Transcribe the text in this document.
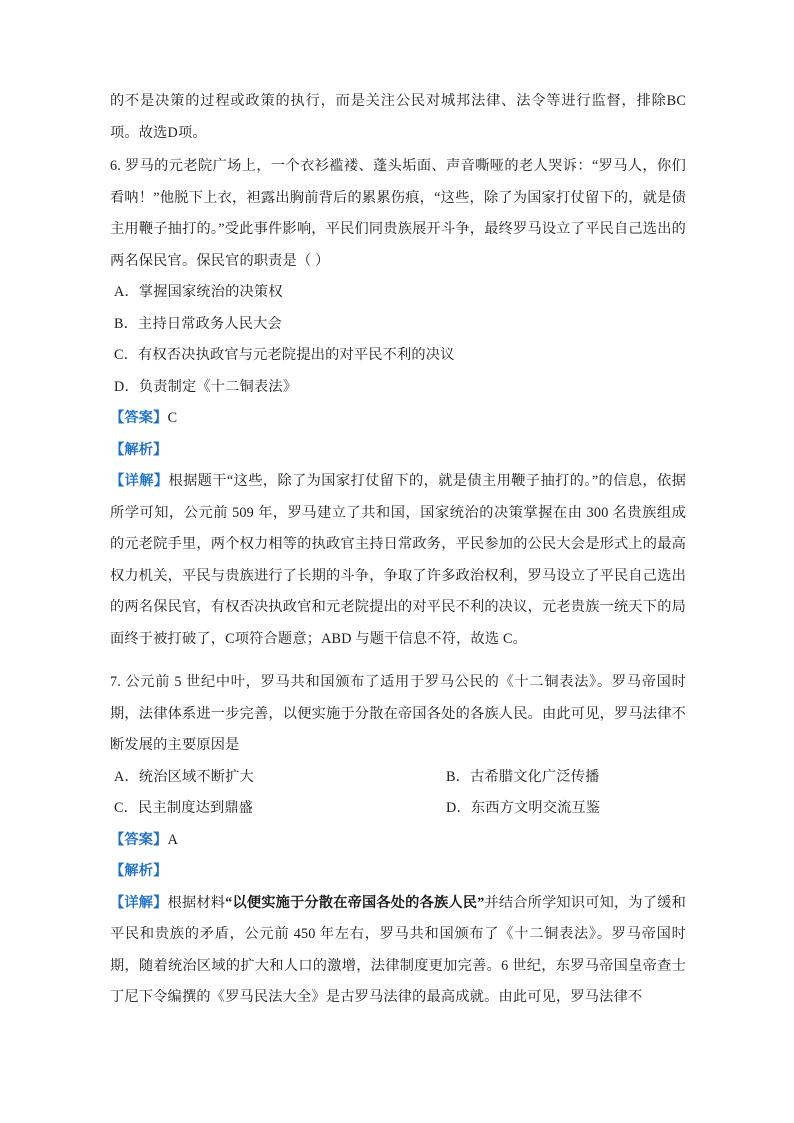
的不是决策的过程或政策的执行，而是关注公民对城邦法律、法令等进行监督，排除BC项。故选D项。
6. 罗马的元老院广场上，一个衣衫褴褛、蓬头垢面、声音嘶哑的老人哭诉：“罗马人，你们看呐！”他脱下上衣，袒露出胸前背后的累累伤痕，“这些，除了为国家打仗留下的，就是债主用鞭子抽打的。”受此事件影响，平民们同贵族展开斗争，最终罗马设立了平民自己选出的两名保民官。保民官的职责是（ ）
A．掌握国家统治的决策权
B．主持日常政务人民大会
C．有权否决执政官与元老院提出的对平民不利的决议
D．负责制定《十二铜表法》
【答案】C
【解析】
【详解】根据题干“这些，除了为国家打仗留下的，就是债主用鞭子抽打的。”的信息，依据所学可知，公元前 509 年，罗马建立了共和国，国家统治的决策掌握在由 300 名贵族组成的元老院手里，两个权力相等的执政官主持日常政务，平民参加的公民大会是形式上的最高权力机关，平民与贵族进行了长期的斗争，争取了许多政治权利，罗马设立了平民自己选出的两名保民官，有权否决执政官和元老院提出的对平民不利的决议，元老贵族一统天下的局面终于被打破了，C项符合题意；ABD 与题干信息不符，故选 C。
7. 公元前 5 世纪中叶，罗马共和国颁布了适用于罗马公民的《十二铜表法》。罗马帝国时期，法律体系进一步完善，以便实施于分散在帝国各处的各族人民。由此可见，罗马法律不断发展的主要原因是
A．统治区域不断扩大	B．古希腊文化广泛传播
C．民主制度达到鼎盛	D．东西方文明交流互鉴
【答案】A
【解析】
【详解】根据材料“以便实施于分散在帝国各处的各族人民”并结合所学知识可知，为了缓和平民和贵族的矛盾，公元前 450 年左右，罗马共和国颁布了《十二铜表法》。罗马帝国时期，随着统治区域的扩大和人口的激增，法律制度更加完善。6 世纪，东罗马帝国皇帝查士丁尼下令编撰的《罗马民法大全》是古罗马法律的最高成就。由此可见，罗马法律不
